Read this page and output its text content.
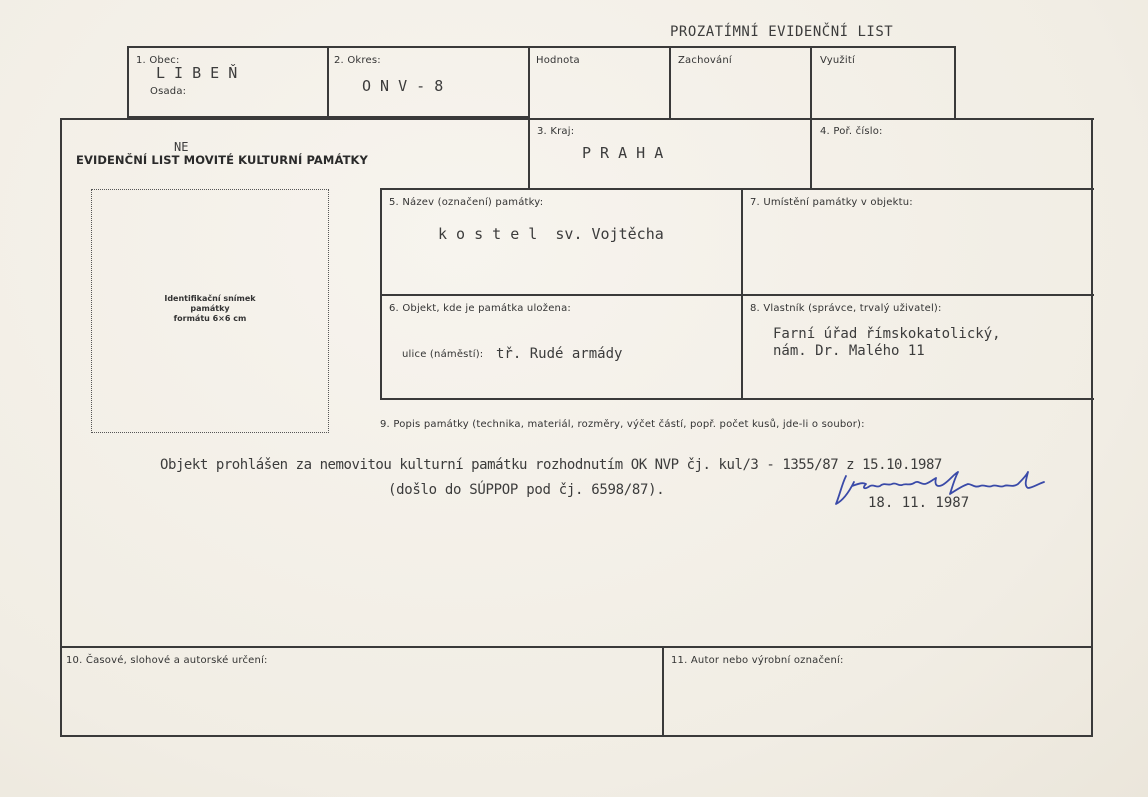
PROZATÍMNÍ EVIDENČNÍ LIST
1. Obec:
L I B E Ň
Osada:
2. Okres:
O N V - 8
Hodnota	Zachování	Využití
NE
EVIDENČNÍ LIST MOVITÉ KULTURNÍ PAMÁTKY
3. Kraj:
P R A H A
4. Poř. číslo:
Identifikační snímek
památky
formátu 6×6 cm
5. Název (označení) památky:
k o s t e l  sv. Vojtěcha
7. Umístění památky v objektu:
6. Objekt, kde je památka uložena:
ulice (náměstí): tř. Rudé armády
8. Vlastník (správce, trvalý uživatel):
Farní úřad římskokatolický,
nám. Dr. Malého 11
9. Popis památky (technika, materiál, rozměry, výčet částí, popř. počet kusů, jde-li o soubor):
Objekt prohlášen za nemovitou kulturní památku rozhodnutím OK NVP čj. kul/3 - 1355/87 z 15.10.1987
(došlo do SÚPPOP pod čj. 6598/87).
18. 11. 1987
10. Časové, slohové a autorské určení:	11. Autor nebo výrobní označení:
